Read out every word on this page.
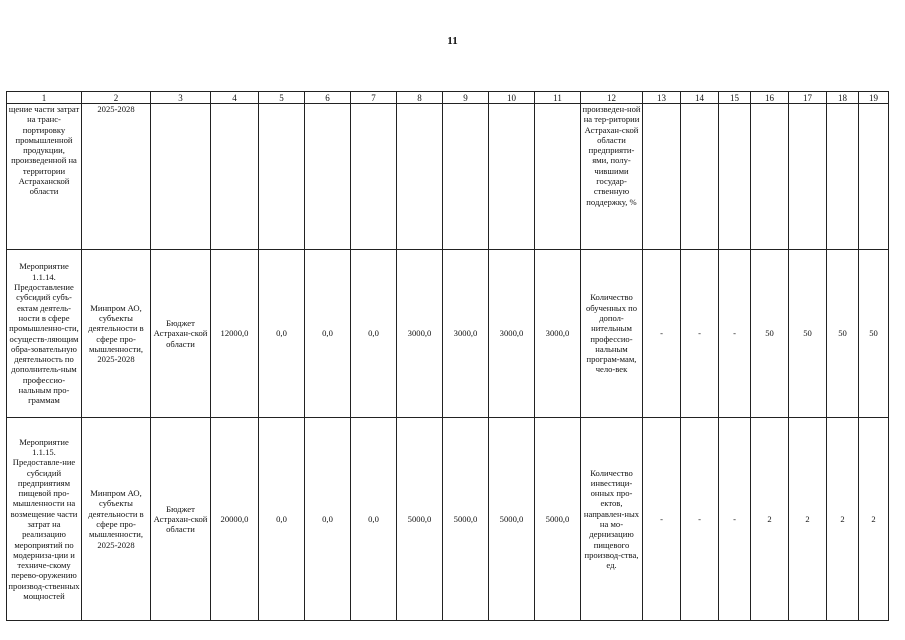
11
1	2	3	4	5	6	7	8	9	10	11	12	13	14	15	16	17	18	19
щение части затрат на транс-портировку промышленной продукции, произведенной на территории Астраханской области	2025-2028										произведен-ной на тер-ритории Астрахан-ской области предприяти-ями, полу-чившими государ-ственную поддержку, %							
Мероприятие 1.1.14. Предоставление субсидий субъ-ектам деятель-ности в сфере промышленно-сти, осуществ-ляющим обра-зовательную деятельность по дополнитель-ным профессио-нальным про-граммам	Минпром АО, субъекты деятельности в сфере про-мышленности, 2025-2028	Бюджет Астрахан-ской области	12000,0	0,0	0,0	0,0	3000,0	3000,0	3000,0	3000,0	Количество обученных по допол-нительным профессио-нальным програм-мам, чело-век	-	-	-	50	50	50	50
Мероприятие 1.1.15. Предоставле-ние субсидий предприятиям пищевой про-мышленности на возмещение части затрат на реализацию мероприятий по модерниза-ции и техниче-скому перево-оружению производ-ственных мощностей	Минпром АО, субъекты деятельности в сфере про-мышленности, 2025-2028	Бюджет Астрахан-ской области	20000,0	0,0	0,0	0,0	5000,0	5000,0	5000,0	5000,0	Количество инвестици-онных про-ектов, направлен-ных на мо-дернизацию пищевого производ-ства, ед.	-	-	-	2	2	2	2
